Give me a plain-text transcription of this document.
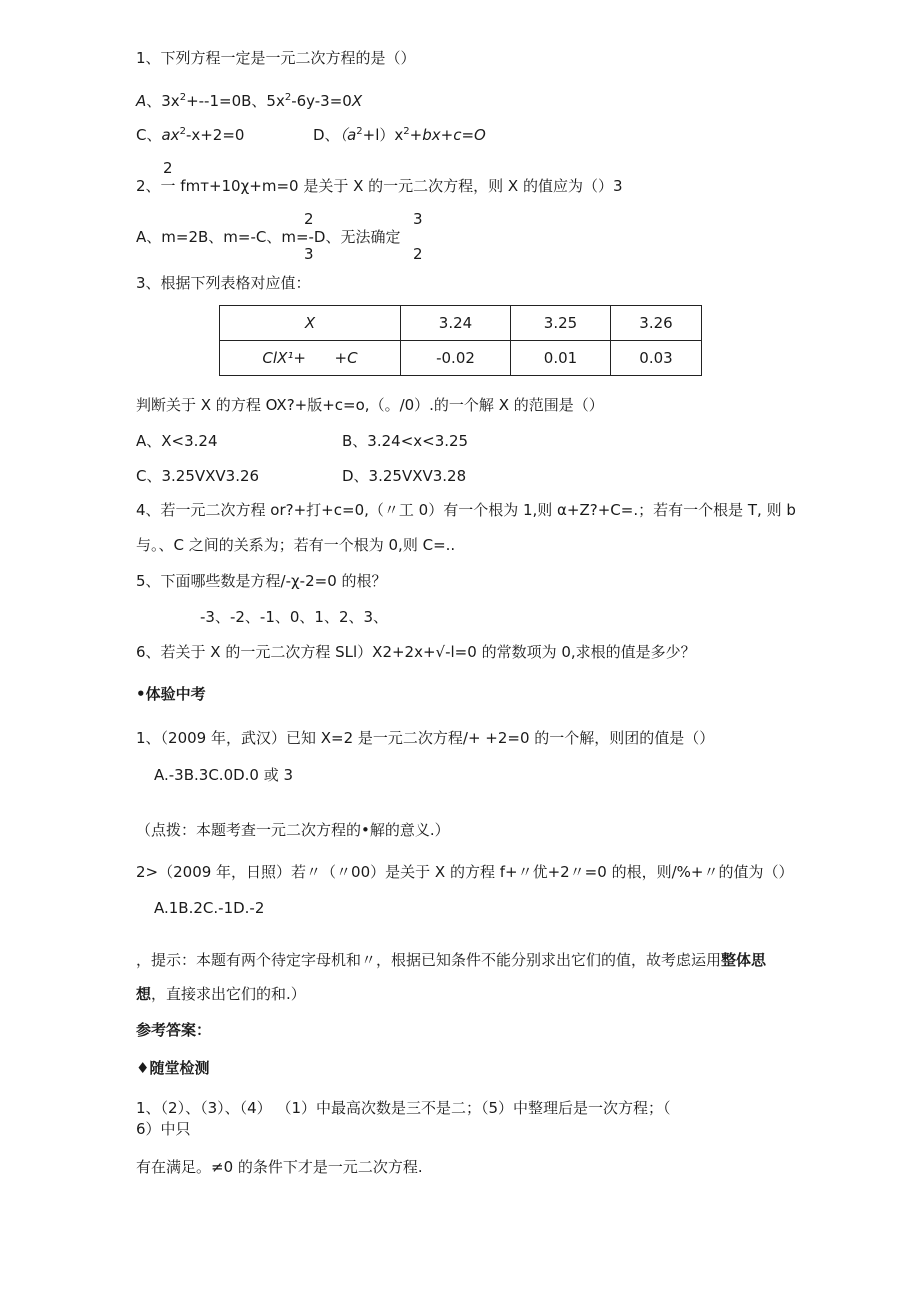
1、下列方程一定是一元二次方程的是（）
A、$3x^2+--1=0B$、$5x^2-6y-3=0X$
C、$ax^2-x+2=0$	D、$(a^2+l)x^2+bx+c=O$
2
2、一 fmт+10χ+m=0 是关于 X 的一元二次方程，则 X 的值应为（）3
2	3
A、m=2B、m=-C、m=-D、无法确定
3	2
3、根据下列表格对应值：
X	3.24	3.25	3.26
ClX¹+      +C	-0.02	0.01	0.03
判断关于 X 的方程 OX?+版+c=o,（。/0）.的一个解 X 的范围是（）
A、X<3.24	B、3.24<x<3.25
C、3.25VXV3.26	D、3.25VXV3.28
4、若一元二次方程 or?+打+c=0,（〃工 0）有一个根为 1,则 α+Z?+C=.；若有一个根是 T, 则 b
与。、C 之间的关系为；若有一个根为 0,则 C=..
5、下面哪些数是方程/-χ-2=0 的根？
-3、-2、-1、0、1、2、3、
6、若关于 X 的一元二次方程 SLl）X2+2x+√-l=0 的常数项为 0,求根的值是多少？
•体验中考
1、（2009 年，武汉）已知 X=2 是一元二次方程/+ +2=0 的一个解，则团的值是（）
A.-3B.3C.0D.0 或 3
（点拨：本题考查一元二次方程的•解的意义.）
2>（2009 年，日照）若〃（〃00）是关于 X 的方程 f+〃优+2〃=0 的根，则/%+〃的值为（）
A.1B.2C.-1D.-2
，提示：本题有两个待定字母机和〃，根据已知条件不能分别求出它们的值，故考虑运用整体思
想，直接求出它们的和.）
参考答案：
♦随堂检测
1、（2）、（3）、（4） （1）中最高次数是三不是二；（5）中整理后是一次方程；（
6）中只
有在满足。≠0 的条件下才是一元二次方程.
